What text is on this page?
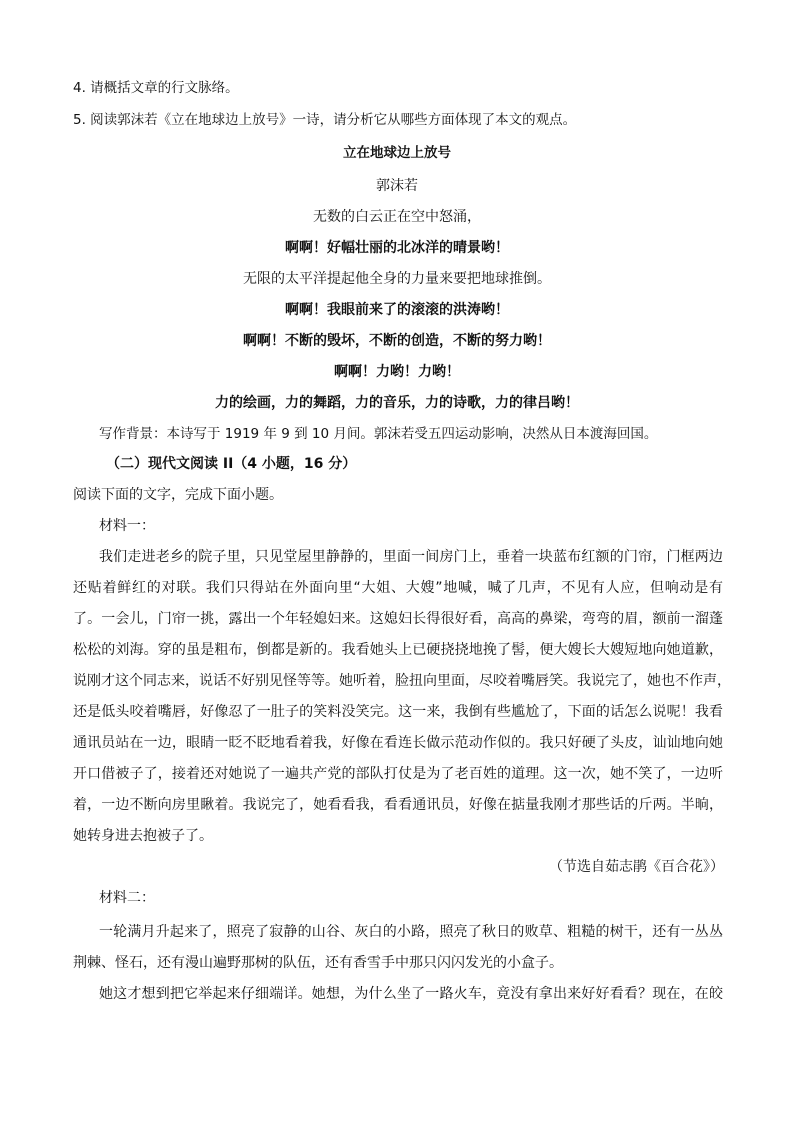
4. 请概括文章的行文脉络。
5. 阅读郭沫若《立在地球边上放号》一诗，请分析它从哪些方面体现了本文的观点。
立在地球边上放号
郭沫若
无数的白云正在空中怒涌，
啊啊！好幅壮丽的北冰洋的晴景哟！
无限的太平洋提起他全身的力量来要把地球推倒。
啊啊！我眼前来了的滚滚的洪涛哟！
啊啊！不断的毁坏，不断的创造，不断的努力哟！
啊啊！力哟！力哟！
力的绘画，力的舞蹈，力的音乐，力的诗歌，力的律吕哟！
写作背景：本诗写于 1919 年 9 到 10 月间。郭沫若受五四运动影响，决然从日本渡海回国。
（二）现代文阅读 II（4 小题，16 分）
阅读下面的文字，完成下面小题。
材料一：
我们走进老乡的院子里，只见堂屋里静静的，里面一间房门上，垂着一块蓝布红额的门帘，门框两边
还贴着鲜红的对联。我们只得站在外面向里“大姐、大嫂”地喊，喊了几声，不见有人应，但响动是有
了。一会儿，门帘一挑，露出一个年轻媳妇来。这媳妇长得很好看，高高的鼻梁，弯弯的眉，额前一溜蓬
松松的刘海。穿的虽是粗布，倒都是新的。我看她头上已硬挠挠地挽了髻，便大嫂长大嫂短地向她道歉，
说刚才这个同志来，说话不好别见怪等等。她听着，脸扭向里面，尽咬着嘴唇笑。我说完了，她也不作声，
还是低头咬着嘴唇，好像忍了一肚子的笑料没笑完。这一来，我倒有些尴尬了，下面的话怎么说呢！我看
通讯员站在一边，眼睛一眨不眨地看着我，好像在看连长做示范动作似的。我只好硬了头皮，讪讪地向她
开口借被子了，接着还对她说了一遍共产党的部队打仗是为了老百姓的道理。这一次，她不笑了，一边听
着，一边不断向房里瞅着。我说完了，她看看我，看看通讯员，好像在掂量我刚才那些话的斤两。半晌，
她转身进去抱被子了。
（节选自茹志鹃《百合花》）
材料二：
一轮满月升起来了，照亮了寂静的山谷、灰白的小路，照亮了秋日的败草、粗糙的树干，还有一丛丛
荆棘、怪石，还有漫山遍野那树的队伍，还有香雪手中那只闪闪发光的小盒子。
她这才想到把它举起来仔细端详。她想，为什么坐了一路火车，竟没有拿出来好好看看？现在，在皎
